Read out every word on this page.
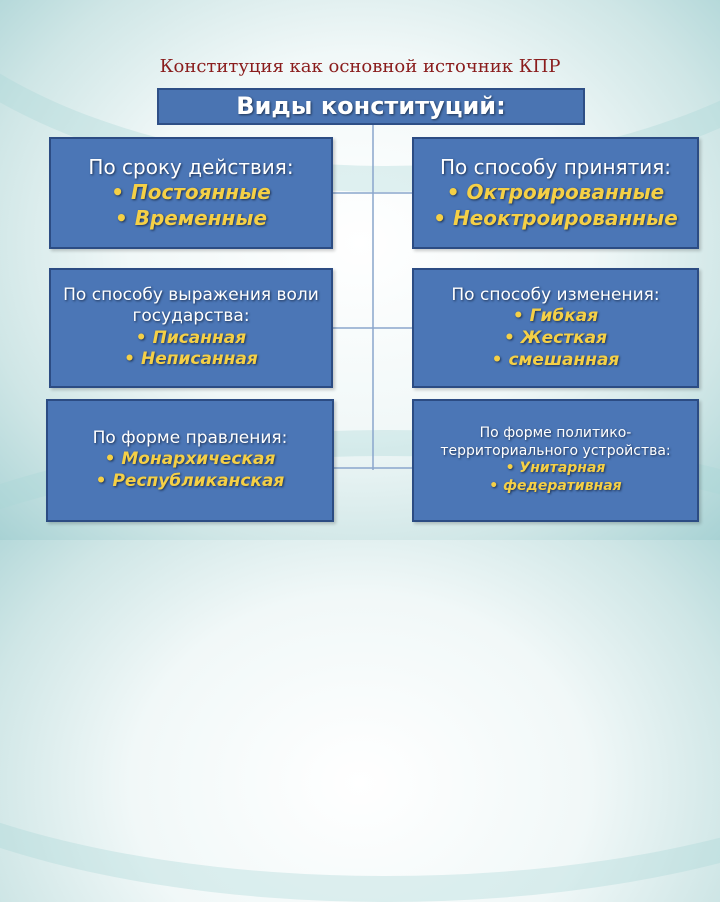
Конституция как основной источник КПР
Виды конституций:
По сроку действия:
• Постоянные
• Временные
По способу принятия:
• Октроированные
• Неоктроированные
По способу выражения воли государства:
• Писанная
• Неписанная
По способу изменения:
• Гибкая
• Жесткая
• смешанная
По форме правления:
• Монархическая
• Республиканская
По форме политико-территориального устройства:
• Унитарная
• федеративная
